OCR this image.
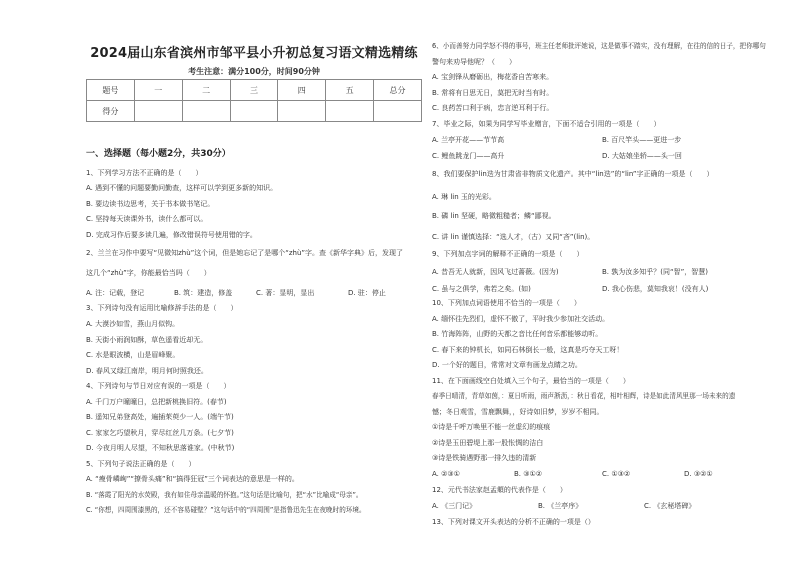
2024届山东省滨州市邹平县小升初总复习语文精选精练
考生注意：满分100分，时间90分钟
题号	一	二	三	四	五	总分
得分						
一、选择题（每小题2分，共30分）
1、下列学习方法不正确的是（　　）
A. 遇到不懂的问题要勤问勤查，这样可以学到更多新的知识。
B. 要边读书边思考，关于书本做书笔记。
C. 坚持每天读课外书，读什么都可以。
D. 完成习作后要多读几遍，修改错误符号使用错的字。
2、兰兰在习作中要写“见微知zhù”这个词，但是她忘记了是哪个“zhù”字。查《新华字典》后，发现了
这几个“zhù”字，你能最恰当吗（　　）
A. 注：记载，登记	B. 筑：建造，修盖	C. 著：显明，显出	D. 驻：停止
3、下列诗句没有运用比喻修辞手法的是（　　）
A. 大漠沙如雪，燕山月似钩。
B. 天街小雨润如酥，草色遥看近却无。
C. 水是眼波横，山是眉峰聚。
D. 春风又绿江南岸，明月何时照我还。
4、下列诗句与节日对应有误的一项是（　　）
A. 千门万户曈曈日，总把新桃换旧符。(春节)
B. 遥知兄弟登高处，遍插茱萸少一人。(端午节)
C. 家家乞巧望秋月，穿尽红丝几万条。(七夕节)
D. 今夜月明人尽望，不知秋思落谁家。(中秋节)
5、下列句子说法正确的是（　　）
A. “瘦骨嶙峋”“撩骨头痛”和“搞得狂冠”三个词表达的意思是一样的。
B. “落霞了阳光的水荧殿，我有如住母亲温暖的怀抱。”这句话是比喻句，把“水”比喻成“母亲”。
C. “你想，四周围漆黑的，还不容易碰壁？”这句话中的“四周围”是指鲁迅先生在夜晚时的环境。
6、小而善努力同学怒不得的事号，班主任老师批评她说，这是做事不踏实，没有理解，在往的信的日子，把你哪句
警句来劝导他呢？（　　）
A. 宝剑锋从磨砺出，梅花香自苦寒来。
B. 常将有日思无日，莫把无时当有时。
C. 良药苦口利于病，忠言逆耳利于行。
7、毕业之际，如果为同学写毕业赠言，下面不适合引用的一项是（　　）
A. 兰亭开花——节节高	B. 百尺竿头——更进一步
C. 鲤鱼跳龙门——高升	D. 大姑娘坐轿——头一回
8、我们要保护lin迭为甘肃省非物质文化遗产。其中“lin迭”的“lin”字正确的一项是（　　）
A. 琳 lin 玉的光彩。
B. 磷 lin 坚硬，略微粗糙者；鳞“鄙视。
C. 讲 lin 谨慎选择：“选人才，（古）又同“吝”(lin)。
9、下列加点字词的解释不正确的一项是（　　）
A. 昔吾无人就新，因风飞过蔷薇。(因为)	B. 孰为汝多知乎？(同“智”，智慧)
C. 虽与之俱学，弗若之矣。(如)	D. 我心伤悲，莫知我哀！(没有人)
10、下列加点词语使用不恰当的一项是（　　）
A. 缅怀往先烈们，虚怀不傲了，平时我少参加社交活动。
B. 竹海阵阵，山野的天都之音比任何音乐都能够动听。
C. 春下来的钟机长，如同石林倒长一般，这真是巧夺天工呀！
D. 一个好的题目，常常对文章有画龙点睛之功。
11、在下面画线空白处填入三个句子，最恰当的一项是（　　）
春季日晴清，青草如茵，：夏日听雨，雨声淅沥，：秋日看花，相叶相辉，诗是如此清风里那一场未来的遗
憾；冬日观雪，雪鹿飘舞，，好诗如旧梦，岁岁不相同。
①诗是千呼万唤里不能一丝虚幻的痕痕
②诗是玉田碧堤上那一股怅惆的洁白
③诗是铁骑遇野那一排久违的清新
A. ②③①	B. ③①②	C. ①③②	D. ③②①
12、元代书法家赵孟頫的代表作是（　　）
A. 《三门记》	B. 《兰亭序》	C. 《玄秘塔碑》
13、下列对课文开头表达的分析不正确的一项是（）
